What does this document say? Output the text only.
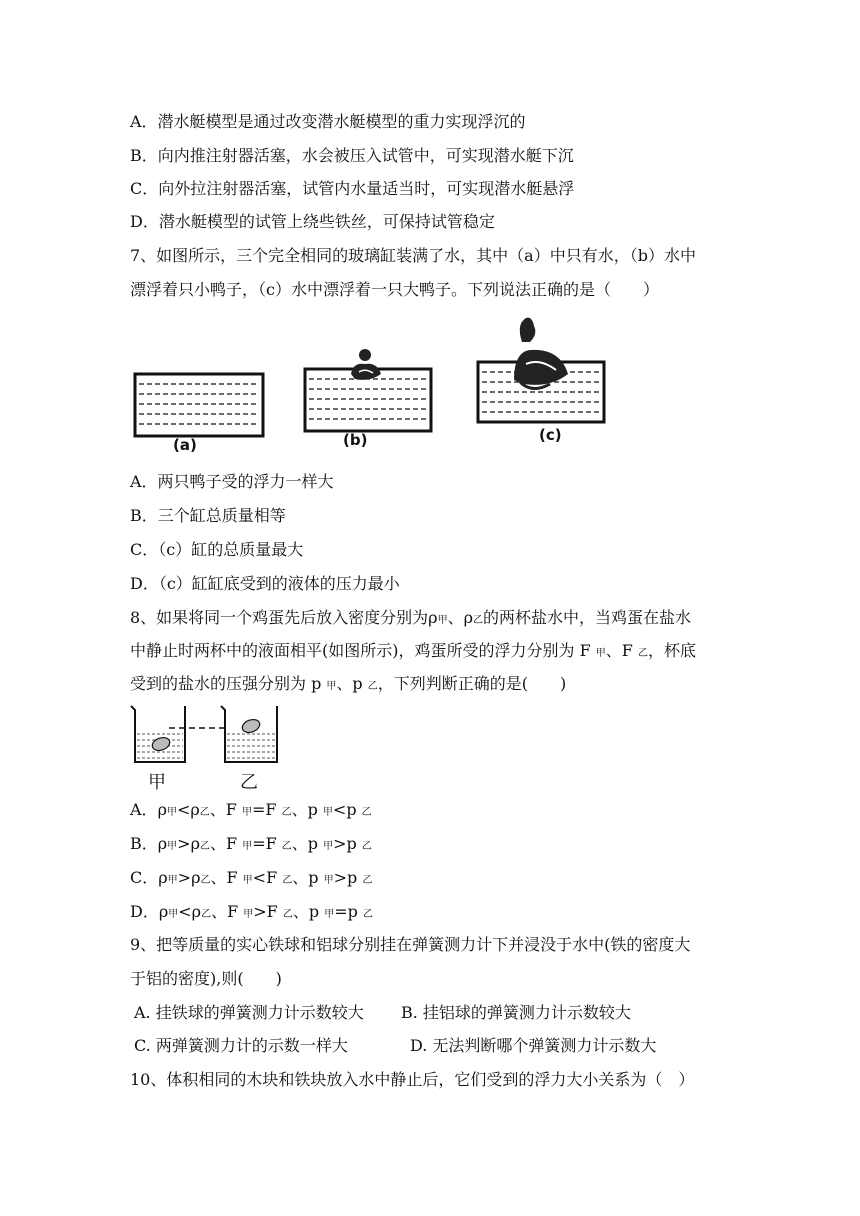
A．潜水艇模型是通过改变潜水艇模型的重力实现浮沉的
B．向内推注射器活塞，水会被压入试管中，可实现潜水艇下沉
C．向外拉注射器活塞，试管内水量适当时，可实现潜水艇悬浮
D．潜水艇模型的试管上绕些铁丝，可保持试管稳定
7、如图所示，三个完全相同的玻璃缸装满了水，其中（a）中只有水，（b）水中
漂浮着只小鸭子，（c）水中漂浮着一只大鸭子。下列说法正确的是（　　）
(a)	(b)	(c)
A．两只鸭子受的浮力一样大
B．三个缸总质量相等
C．（c）缸的总质量最大
D．（c）缸缸底受到的液体的压力最小
8、如果将同一个鸡蛋先后放入密度分别为ρ甲、ρ乙的两杯盐水中，当鸡蛋在盐水
中静止时两杯中的液面相平(如图所示)，鸡蛋所受的浮力分别为 F 甲、F 乙，杯底
受到的盐水的压强分别为 p 甲、p 乙，下列判断正确的是(　　)
甲	乙
A．ρ甲<ρ乙、F 甲=F 乙、p 甲<p 乙
B．ρ甲>ρ乙、F 甲=F 乙、p 甲>p 乙
C．ρ甲>ρ乙、F 甲<F 乙、p 甲>p 乙
D．ρ甲<ρ乙、F 甲>F 乙、p 甲=p 乙
9、把等质量的实心铁球和铝球分别挂在弹簧测力计下并浸没于水中(铁的密度大
于铝的密度),则(　　)
A. 挂铁球的弹簧测力计示数较大 B. 挂铝球的弹簧测力计示数较大
C. 两弹簧测力计的示数一样大	D. 无法判断哪个弹簧测力计示数大
10、体积相同的木块和铁块放入水中静止后，它们受到的浮力大小关系为（　）
